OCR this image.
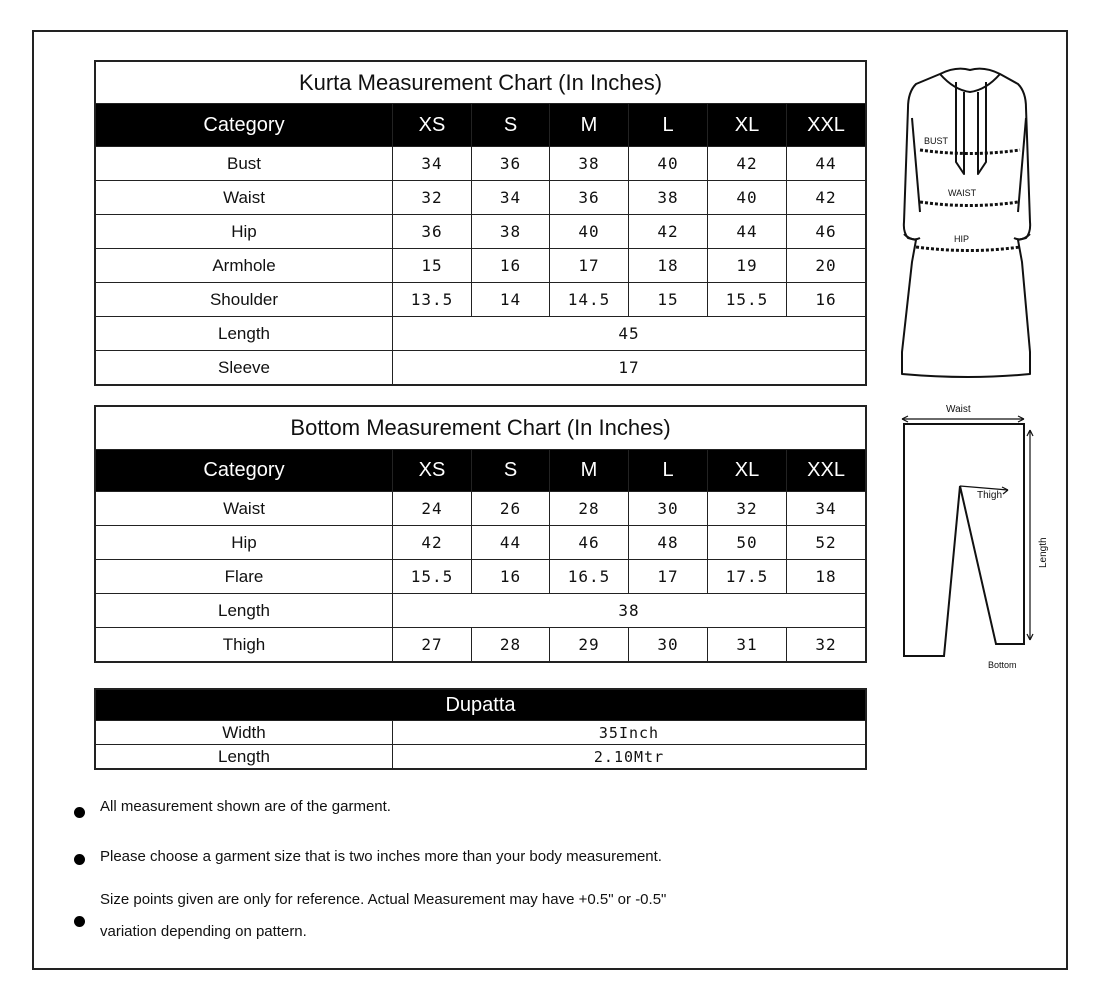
Kurta Measurement Chart (In Inches)						
Category	XS	S	M	L	XL	XXL
Bust	34	36	38	40	42	44
Waist	32	34	36	38	40	42
Hip	36	38	40	42	44	46
Armhole	15	16	17	18	19	20
Shoulder	13.5	14	14.5	15	15.5	16
Length	45					
Sleeve	17					
Bottom Measurement Chart (In Inches)						
Category	XS	S	M	L	XL	XXL
Waist	24	26	28	30	32	34
Hip	42	44	46	48	50	52
Flare	15.5	16	16.5	17	17.5	18
Length	38					
Thigh	27	28	29	30	31	32
Dupatta	
Width	35Inch
Length	2.10Mtr
All measurement shown are of the garment.
Please choose a garment size that is two inches more than your body measurement.
Size points given are only for reference. Actual Measurement may have +0.5" or -0.5"
variation depending on pattern.
BUST
WAIST
HIP
Waist
Thigh
Bottom
Length
